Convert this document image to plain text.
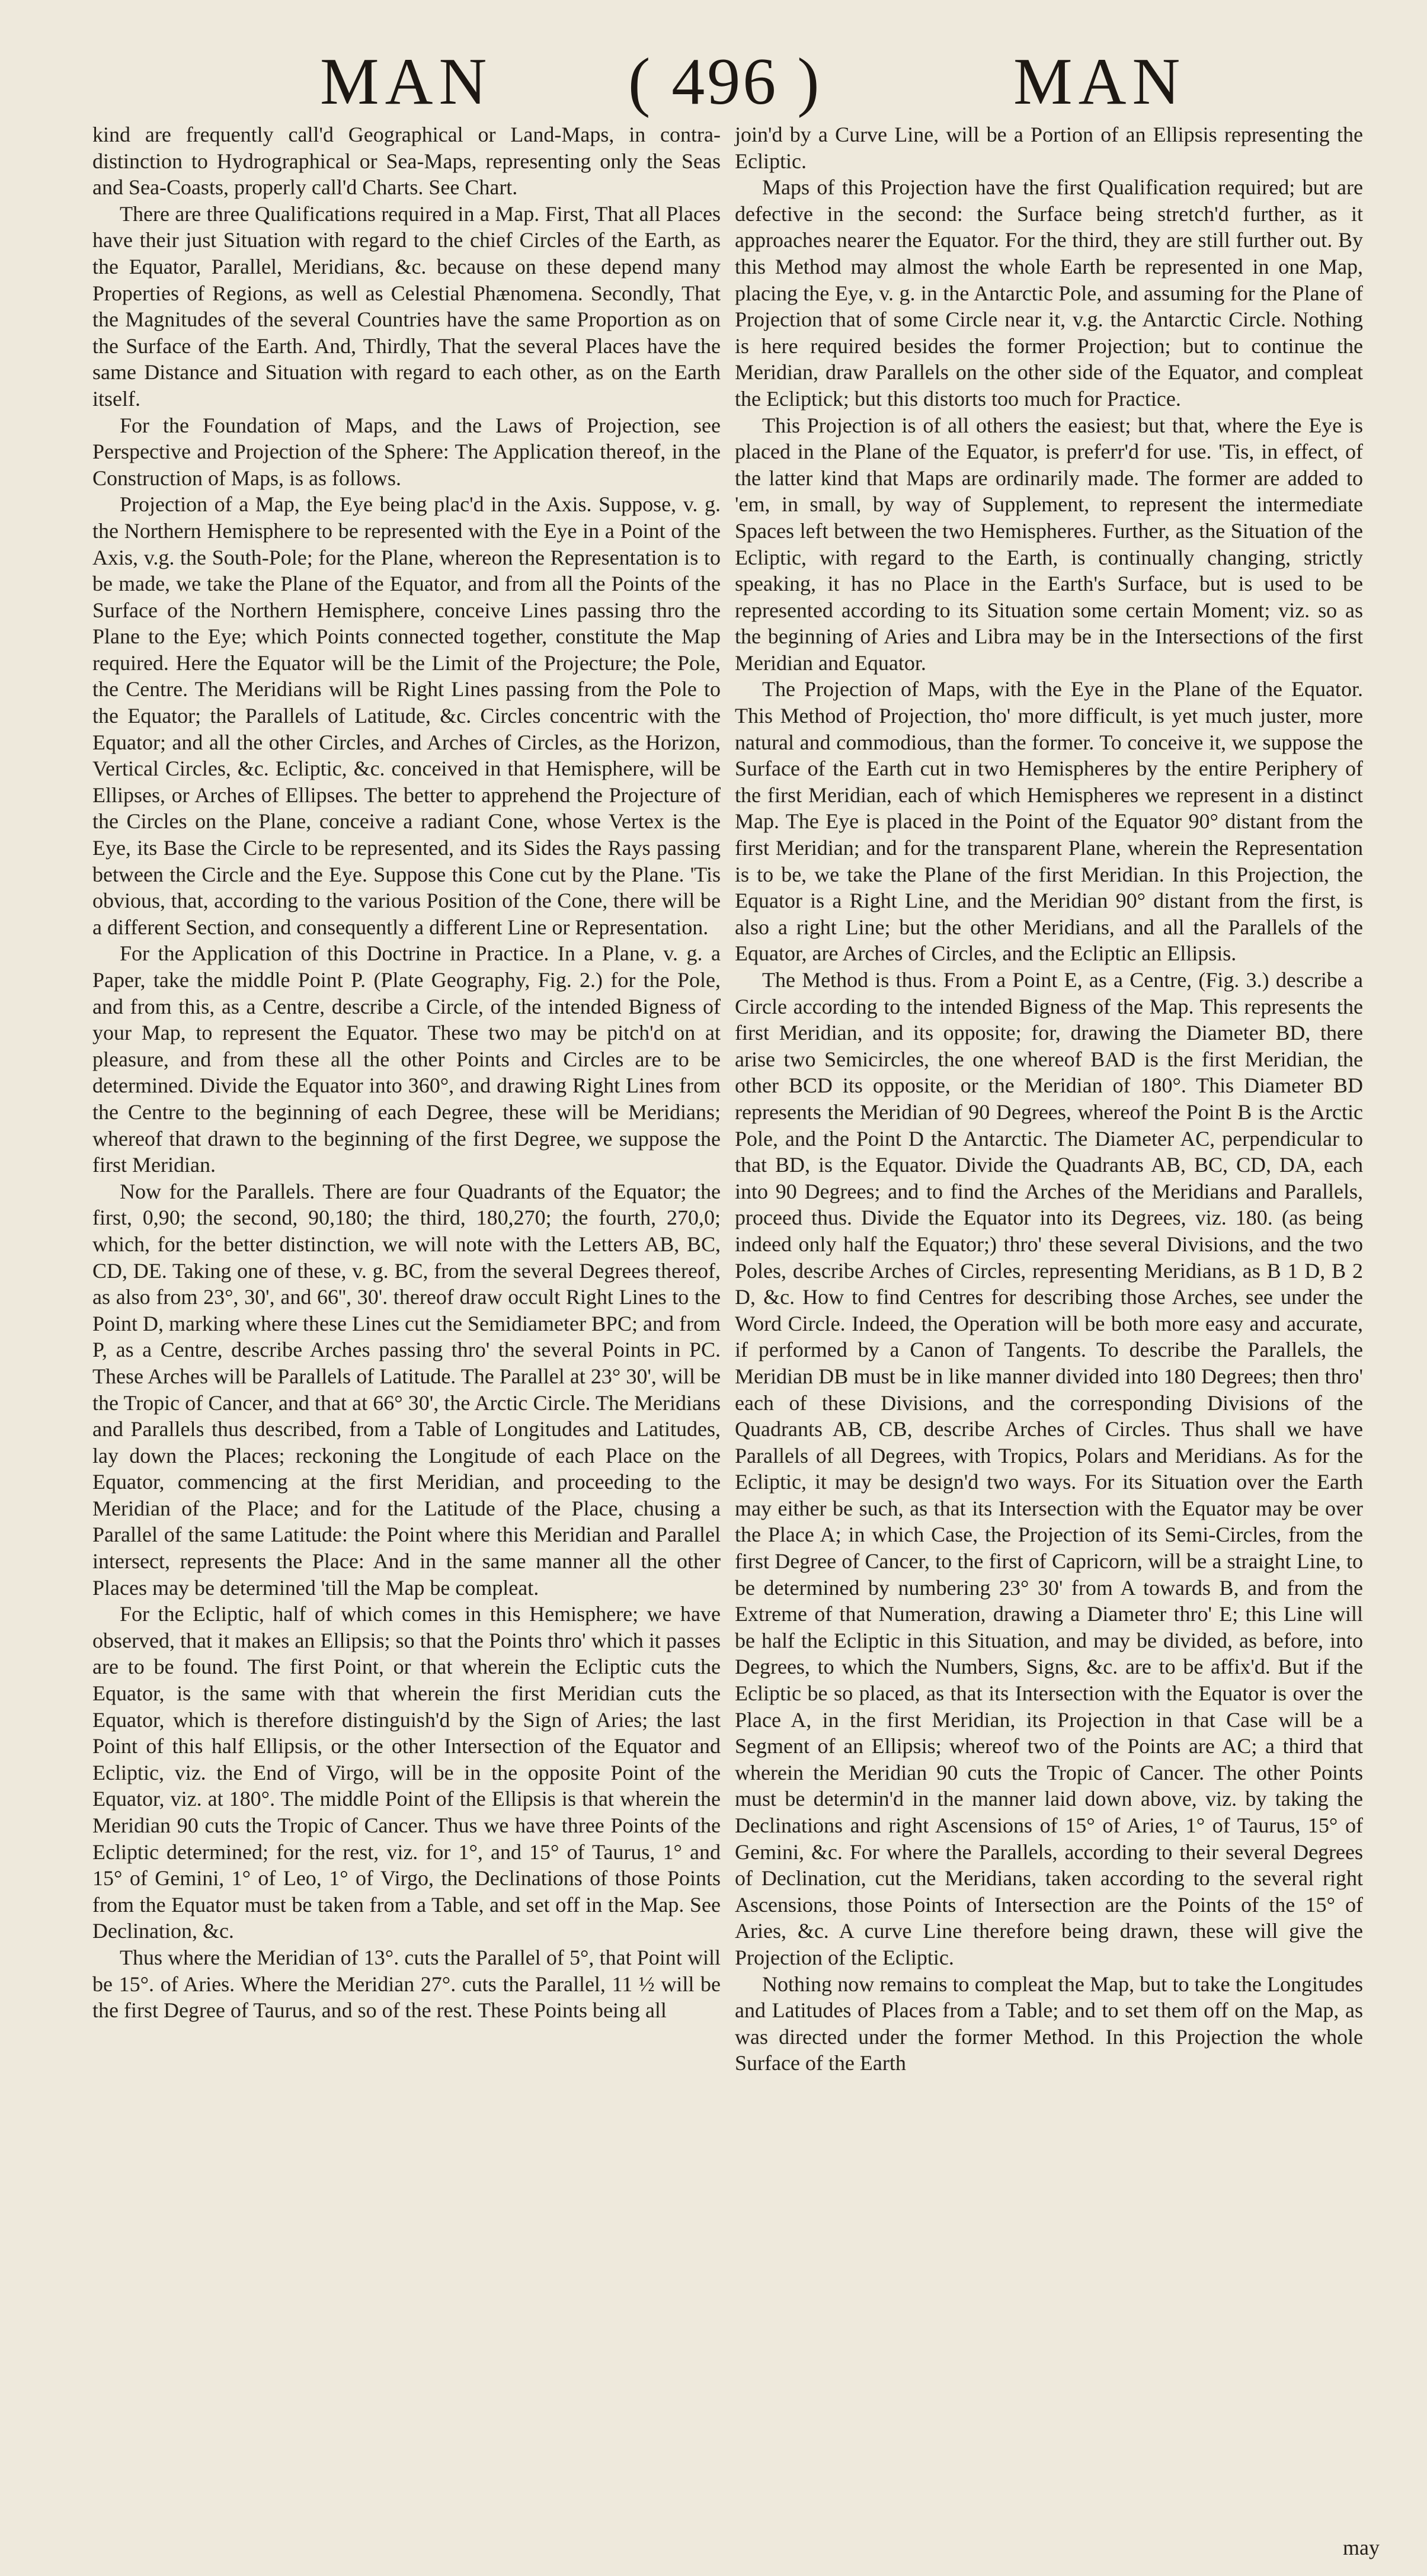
MAN ( 496 )	MAN

kind are frequently call'd Geographical or Land-Maps, in contra-distinction to Hydrographical or Sea-Maps, representing only the Seas and Sea-Coasts, properly call'd Charts. See Chart.

There are three Qualifications required in a Map. First, That all Places have their just Situation with regard to the chief Circles of the Earth, as the Equator, Parallel, Meridians, &c. because on these depend many Properties of Regions, as well as Celestial Phænomena. Secondly, That the Magnitudes of the several Countries have the same Proportion as on the Surface of the Earth. And, Thirdly, That the several Places have the same Distance and Situation with regard to each other, as on the Earth itself.

For the Foundation of Maps, and the Laws of Projection, see Perspective and Projection of the Sphere: The Application thereof, in the Construction of Maps, is as follows.

Projection of a Map, the Eye being plac'd in the Axis. Suppose, v. g. the Northern Hemisphere to be represented with the Eye in a Point of the Axis, v.g. the South-Pole; for the Plane, whereon the Representation is to be made, we take the Plane of the Equator, and from all the Points of the Surface of the Northern Hemisphere, conceive Lines passing thro the Plane to the Eye; which Points connected together, constitute the Map required. Here the Equator will be the Limit of the Projecture; the Pole, the Centre. The Meridians will be Right Lines passing from the Pole to the Equator; the Parallels of Latitude, &c. Circles concentric with the Equator; and all the other Circles, and Arches of Circles, as the Horizon, Vertical Circles, &c. Ecliptic, &c. conceived in that Hemisphere, will be Ellipses, or Arches of Ellipses. The better to apprehend the Projecture of the Circles on the Plane, conceive a radiant Cone, whose Vertex is the Eye, its Base the Circle to be represented, and its Sides the Rays passing between the Circle and the Eye. Suppose this Cone cut by the Plane. 'Tis obvious, that, according to the various Position of the Cone, there will be a different Section, and consequently a different Line or Representation.

For the Application of this Doctrine in Practice. In a Plane, v. g. a Paper, take the middle Point P. (Plate Geography, Fig. 2.) for the Pole, and from this, as a Centre, describe a Circle, of the intended Bigness of your Map, to represent the Equator. These two may be pitch'd on at pleasure, and from these all the other Points and Circles are to be determined. Divide the Equator into 360°, and drawing Right Lines from the Centre to the beginning of each Degree, these will be Meridians; whereof that drawn to the beginning of the first Degree, we suppose the first Meridian.

Now for the Parallels. There are four Quadrants of the Equator; the first, 0,90; the second, 90,180; the third, 180,270; the fourth, 270,0; which, for the better distinction, we will note with the Letters AB, BC, CD, DE. Taking one of these, v. g. BC, from the several Degrees thereof, as also from 23°, 30', and 66'', 30'. thereof draw occult Right Lines to the Point D, marking where these Lines cut the Semidiameter BPC; and from P, as a Centre, describe Arches passing thro' the several Points in PC. These Arches will be Parallels of Latitude. The Parallel at 23° 30', will be the Tropic of Cancer, and that at 66° 30', the Arctic Circle. The Meridians and Parallels thus described, from a Table of Longitudes and Latitudes, lay down the Places; reckoning the Longitude of each Place on the Equator, commencing at the first Meridian, and proceeding to the Meridian of the Place; and for the Latitude of the Place, chusing a Parallel of the same Latitude: the Point where this Meridian and Parallel intersect, represents the Place: And in the same manner all the other Places may be determined 'till the Map be compleat.

For the Ecliptic, half of which comes in this Hemisphere; we have observed, that it makes an Ellipsis; so that the Points thro' which it passes are to be found. The first Point, or that wherein the Ecliptic cuts the Equator, is the same with that wherein the first Meridian cuts the Equator, which is therefore distinguish'd by the Sign of Aries; the last Point of this half Ellipsis, or the other Intersection of the Equator and Ecliptic, viz. the End of Virgo, will be in the opposite Point of the Equator, viz. at 180°. The middle Point of the Ellipsis is that wherein the Meridian 90 cuts the Tropic of Cancer. Thus we have three Points of the Ecliptic determined; for the rest, viz. for 1°, and 15° of Taurus, 1° and 15° of Gemini, 1° of Leo, 1° of Virgo, the Declinations of those Points from the Equator must be taken from a Table, and set off in the Map. See Declination, &c.

Thus where the Meridian of 13°. cuts the Parallel of 5°, that Point will be 15°. of Aries. Where the Meridian 27°. cuts the Parallel, 11 ½ will be the first Degree of Taurus, and so of the rest. These Points being all

join'd by a Curve Line, will be a Portion of an Ellipsis representing the Ecliptic.

Maps of this Projection have the first Qualification required; but are defective in the second: the Surface being stretch'd further, as it approaches nearer the Equator. For the third, they are still further out. By this Method may almost the whole Earth be represented in one Map, placing the Eye, v. g. in the Antarctic Pole, and assuming for the Plane of Projection that of some Circle near it, v.g. the Antarctic Circle. Nothing is here required besides the former Projection; but to continue the Meridian, draw Parallels on the other side of the Equator, and compleat the Ecliptick; but this distorts too much for Practice.

This Projection is of all others the easiest; but that, where the Eye is placed in the Plane of the Equator, is preferr'd for use. 'Tis, in effect, of the latter kind that Maps are ordinarily made. The former are added to 'em, in small, by way of Supplement, to represent the intermediate Spaces left between the two Hemispheres. Further, as the Situation of the Ecliptic, with regard to the Earth, is continually changing, strictly speaking, it has no Place in the Earth's Surface, but is used to be represented according to its Situation some certain Moment; viz. so as the beginning of Aries and Libra may be in the Intersections of the first Meridian and Equator.

The Projection of Maps, with the Eye in the Plane of the Equator. This Method of Projection, tho' more difficult, is yet much juster, more natural and commodious, than the former. To conceive it, we suppose the Surface of the Earth cut in two Hemispheres by the entire Periphery of the first Meridian, each of which Hemispheres we represent in a distinct Map. The Eye is placed in the Point of the Equator 90° distant from the first Meridian; and for the transparent Plane, wherein the Representation is to be, we take the Plane of the first Meridian. In this Projection, the Equator is a Right Line, and the Meridian 90° distant from the first, is also a right Line; but the other Meridians, and all the Parallels of the Equator, are Arches of Circles, and the Ecliptic an Ellipsis.

The Method is thus. From a Point E, as a Centre, (Fig. 3.) describe a Circle according to the intended Bigness of the Map. This represents the first Meridian, and its opposite; for, drawing the Diameter BD, there arise two Semicircles, the one whereof BAD is the first Meridian, the other BCD its opposite, or the Meridian of 180°. This Diameter BD represents the Meridian of 90 Degrees, whereof the Point B is the Arctic Pole, and the Point D the Antarctic. The Diameter AC, perpendicular to that BD, is the Equator. Divide the Quadrants AB, BC, CD, DA, each into 90 Degrees; and to find the Arches of the Meridians and Parallels, proceed thus. Divide the Equator into its Degrees, viz. 180. (as being indeed only half the Equator;) thro' these several Divisions, and the two Poles, describe Arches of Circles, representing Meridians, as B 1 D, B 2 D, &c. How to find Centres for describing those Arches, see under the Word Circle. Indeed, the Operation will be both more easy and accurate, if performed by a Canon of Tangents. To describe the Parallels, the Meridian DB must be in like manner divided into 180 Degrees; then thro' each of these Divisions, and the corresponding Divisions of the Quadrants AB, CB, describe Arches of Circles. Thus shall we have Parallels of all Degrees, with Tropics, Polars and Meridians. As for the Ecliptic, it may be design'd two ways. For its Situation over the Earth may either be such, as that its Intersection with the Equator may be over the Place A; in which Case, the Projection of its Semi-Circles, from the first Degree of Cancer, to the first of Capricorn, will be a straight Line, to be determined by numbering 23° 30' from A towards B, and from the Extreme of that Numeration, drawing a Diameter thro' E; this Line will be half the Ecliptic in this Situation, and may be divided, as before, into Degrees, to which the Numbers, Signs, &c. are to be affix'd. But if the Ecliptic be so placed, as that its Intersection with the Equator is over the Place A, in the first Meridian, its Projection in that Case will be a Segment of an Ellipsis; whereof two of the Points are AC; a third that wherein the Meridian 90 cuts the Tropic of Cancer. The other Points must be determin'd in the manner laid down above, viz. by taking the Declinations and right Ascensions of 15° of Aries, 1° of Taurus, 15° of Gemini, &c. For where the Parallels, according to their several Degrees of Declination, cut the Meridians, taken according to the several right Ascensions, those Points of Intersection are the Points of the 15° of Aries, &c. A curve Line therefore being drawn, these will give the Projection of the Ecliptic.

Nothing now remains to compleat the Map, but to take the Longitudes and Latitudes of Places from a Table; and to set them off on the Map, as was directed under the former Method. In this Projection the whole Surface of the Earth

may
